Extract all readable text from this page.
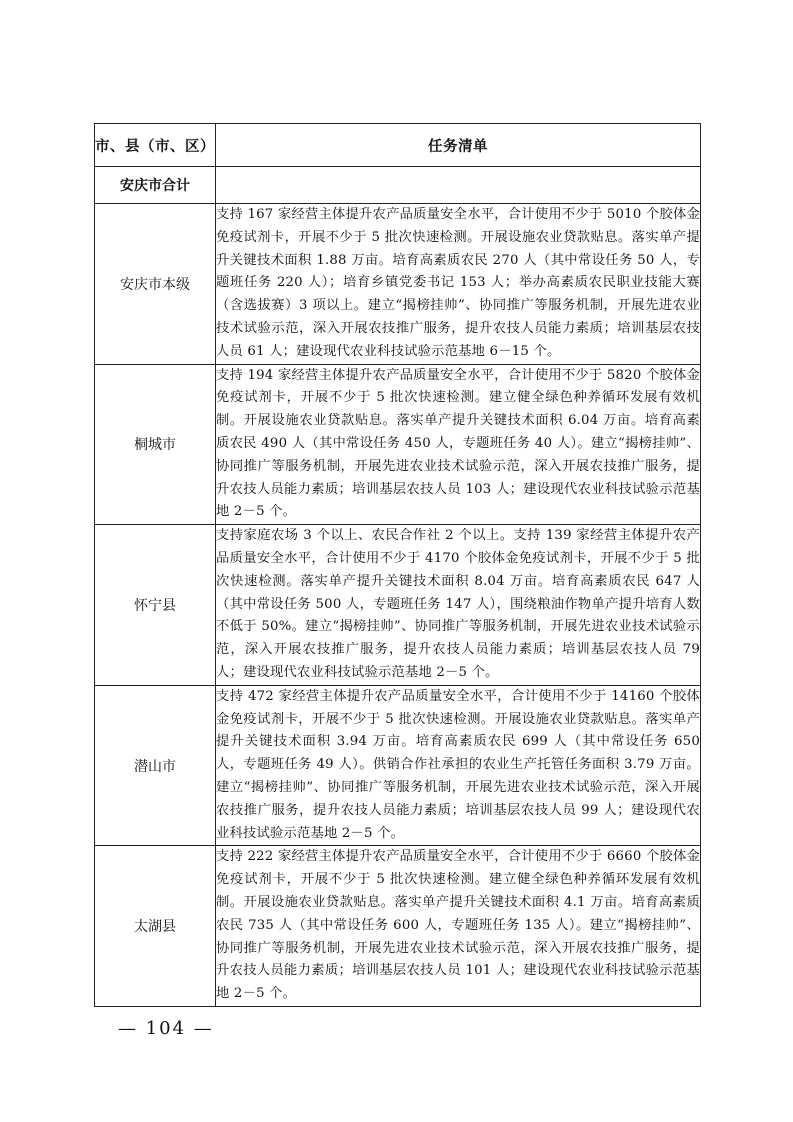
市、县（市、区）	任务清单
安庆市合计	
安庆市本级	支持 167 家经营主体提升农产品质量安全水平，合计使用不少于 5010 个胶体金免疫试剂卡，开展不少于 5 批次快速检测。开展设施农业贷款贴息。落实单产提升关键技术面积 1.88 万亩。培育高素质农民 270 人（其中常设任务 50 人，专题班任务 220 人）；培育乡镇党委书记 153 人；举办高素质农民职业技能大赛（含选拔赛）3 项以上。建立“揭榜挂帅”、协同推广等服务机制，开展先进农业技术试验示范，深入开展农技推广服务，提升农技人员能力素质；培训基层农技人员 61 人；建设现代农业科技试验示范基地 6－15 个。
桐城市	支持 194 家经营主体提升农产品质量安全水平，合计使用不少于 5820 个胶体金免疫试剂卡，开展不少于 5 批次快速检测。建立健全绿色种养循环发展有效机制。开展设施农业贷款贴息。落实单产提升关键技术面积 6.04 万亩。培育高素质农民 490 人（其中常设任务 450 人，专题班任务 40 人）。建立“揭榜挂帅”、协同推广等服务机制，开展先进农业技术试验示范，深入开展农技推广服务，提升农技人员能力素质；培训基层农技人员 103 人；建设现代农业科技试验示范基地 2－5 个。
怀宁县	支持家庭农场 3 个以上、农民合作社 2 个以上。支持 139 家经营主体提升农产品质量安全水平，合计使用不少于 4170 个胶体金免疫试剂卡，开展不少于 5 批次快速检测。落实单产提升关键技术面积 8.04 万亩。培育高素质农民 647 人（其中常设任务 500 人，专题班任务 147 人），围绕粮油作物单产提升培育人数不低于 50%。建立“揭榜挂帅”、协同推广等服务机制，开展先进农业技术试验示范，深入开展农技推广服务，提升农技人员能力素质；培训基层农技人员 79 人；建设现代农业科技试验示范基地 2－5 个。
潜山市	支持 472 家经营主体提升农产品质量安全水平，合计使用不少于 14160 个胶体金免疫试剂卡，开展不少于 5 批次快速检测。开展设施农业贷款贴息。落实单产提升关键技术面积 3.94 万亩。培育高素质农民 699 人（其中常设任务 650 人，专题班任务 49 人）。供销合作社承担的农业生产托管任务面积 3.79 万亩。建立“揭榜挂帅”、协同推广等服务机制，开展先进农业技术试验示范，深入开展农技推广服务，提升农技人员能力素质；培训基层农技人员 99 人；建设现代农业科技试验示范基地 2－5 个。
太湖县	支持 222 家经营主体提升农产品质量安全水平，合计使用不少于 6660 个胶体金免疫试剂卡，开展不少于 5 批次快速检测。建立健全绿色种养循环发展有效机制。开展设施农业贷款贴息。落实单产提升关键技术面积 4.1 万亩。培育高素质农民 735 人（其中常设任务 600 人，专题班任务 135 人）。建立“揭榜挂帅”、协同推广等服务机制，开展先进农业技术试验示范，深入开展农技推广服务，提升农技人员能力素质；培训基层农技人员 101 人；建设现代农业科技试验示范基地 2－5 个。
— 104 —
